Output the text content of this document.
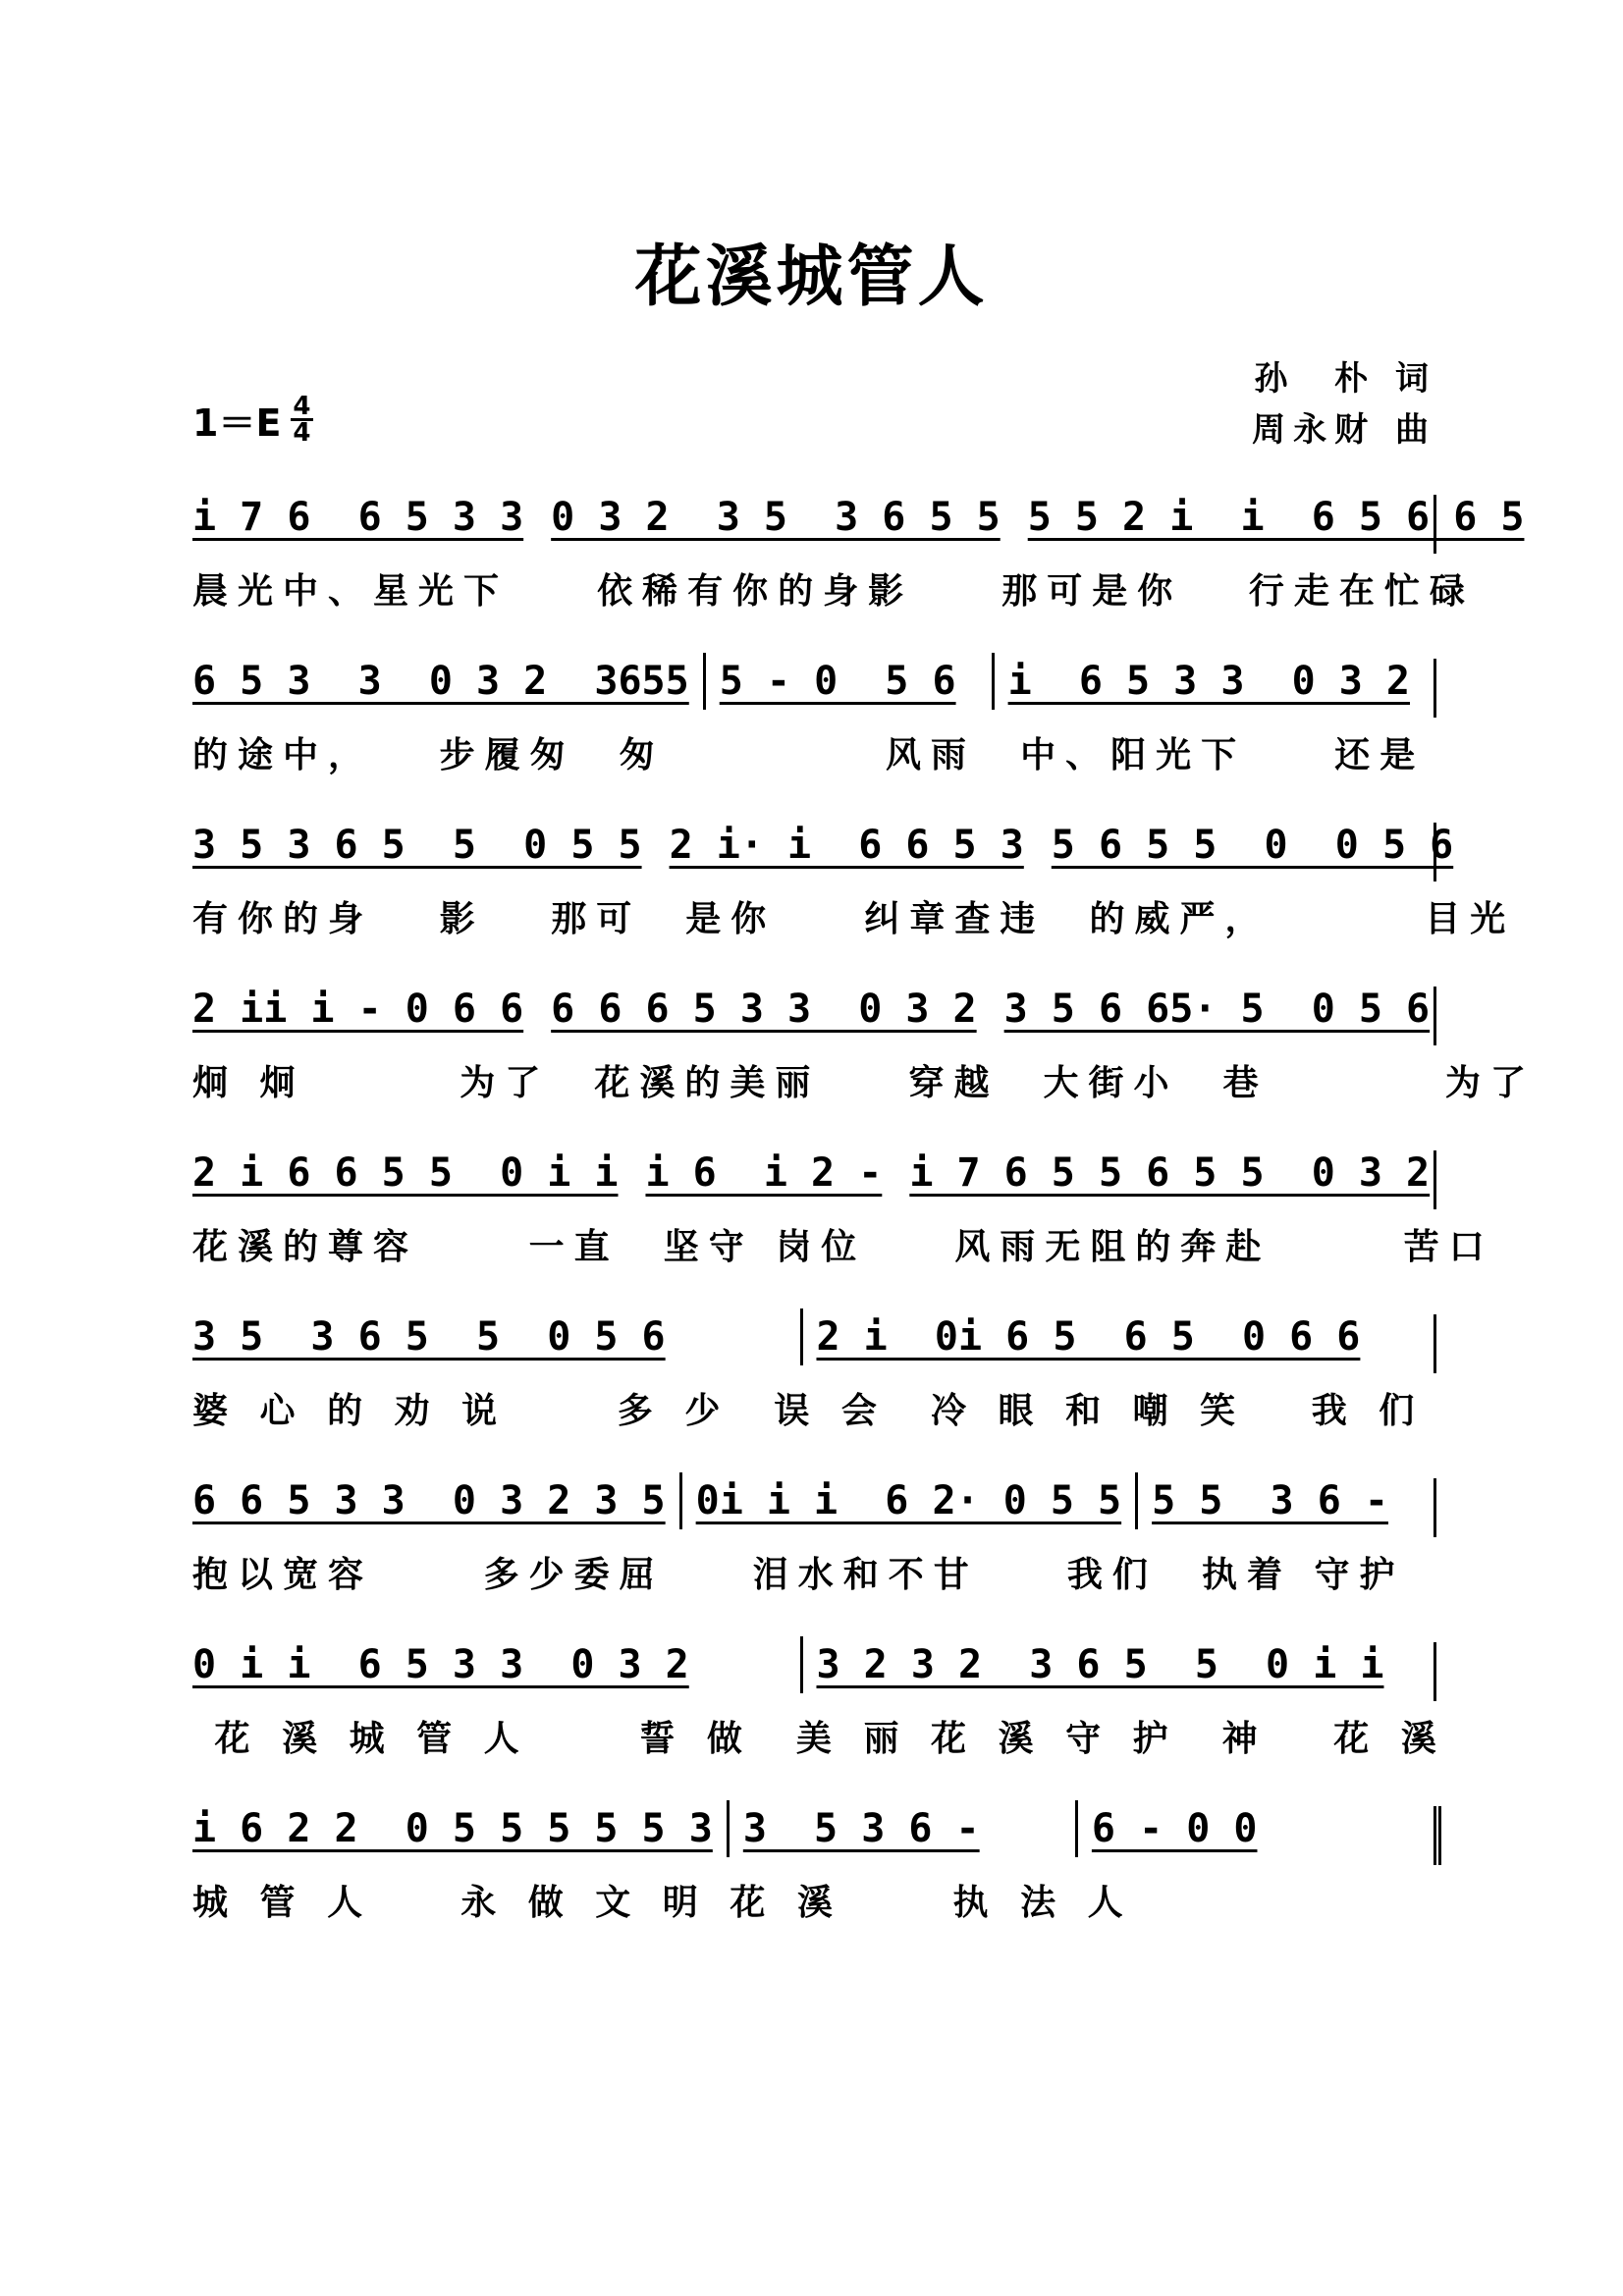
花溪城管人
孙  朴 词
周永财 曲
$1=E \frac{4}{4}$
i 7 6  6 5 3 3 0 3 2  3 5  3 6 5 5 5 5 2 i  i  6 5 6 6 5
晨光中、星光下    依稀有你的身影    那可是你   行走在忙碌
6 5 3  3  0 3 2  3655 5 - 0  5 6	i  6 5 3 3  0 3 2
的途中，   步履匆  匆          风雨  中、阳光下    还是
3 5 3 6 5  5  0 5 5 2 i· i  6 6 5 3 5 6 5 5  0  0 5 6
有你的身   影   那可  是你    纠章查违  的威严，       目光
2 ii i - 0 6 6 6 6 6 5 3 3  0 3 2 3 5 6 65· 5  0 5 6
炯 炯       为了  花溪的美丽    穿越  大街小  巷        为了
2 i 6 6 5 5  0 i i i 6  i 2 - i 7 6 5 5 6 5 5  0 3 2
花溪的尊容     一直  坚守 岗位    风雨无阻的奔赴      苦口
3 5  3 6 5  5  0 5 6	2 i  0i 6 5  6 5  0 6 6
婆 心 的 劝 说     多 少  误 会  冷 眼 和 嘲 笑   我 们
6 6 5 3 3  0 3 2 3 5 0i i i  6 2· 0 5 5 5 5  3 6 -
抱以宽容     多少委屈    泪水和不甘    我们  执着 守护
0 i i  6 5 3 3  0 3 2	3 2 3 2  3 6 5  5  0 i i
花 溪 城 管 人     誓 做  美 丽 花 溪 守 护  神   花 溪
i 6 2 2  0 5 5 5 5 5 3 3  5 3 6 -	6 - 0 0
城 管 人    永 做 文 明 花 溪     执 法 人
